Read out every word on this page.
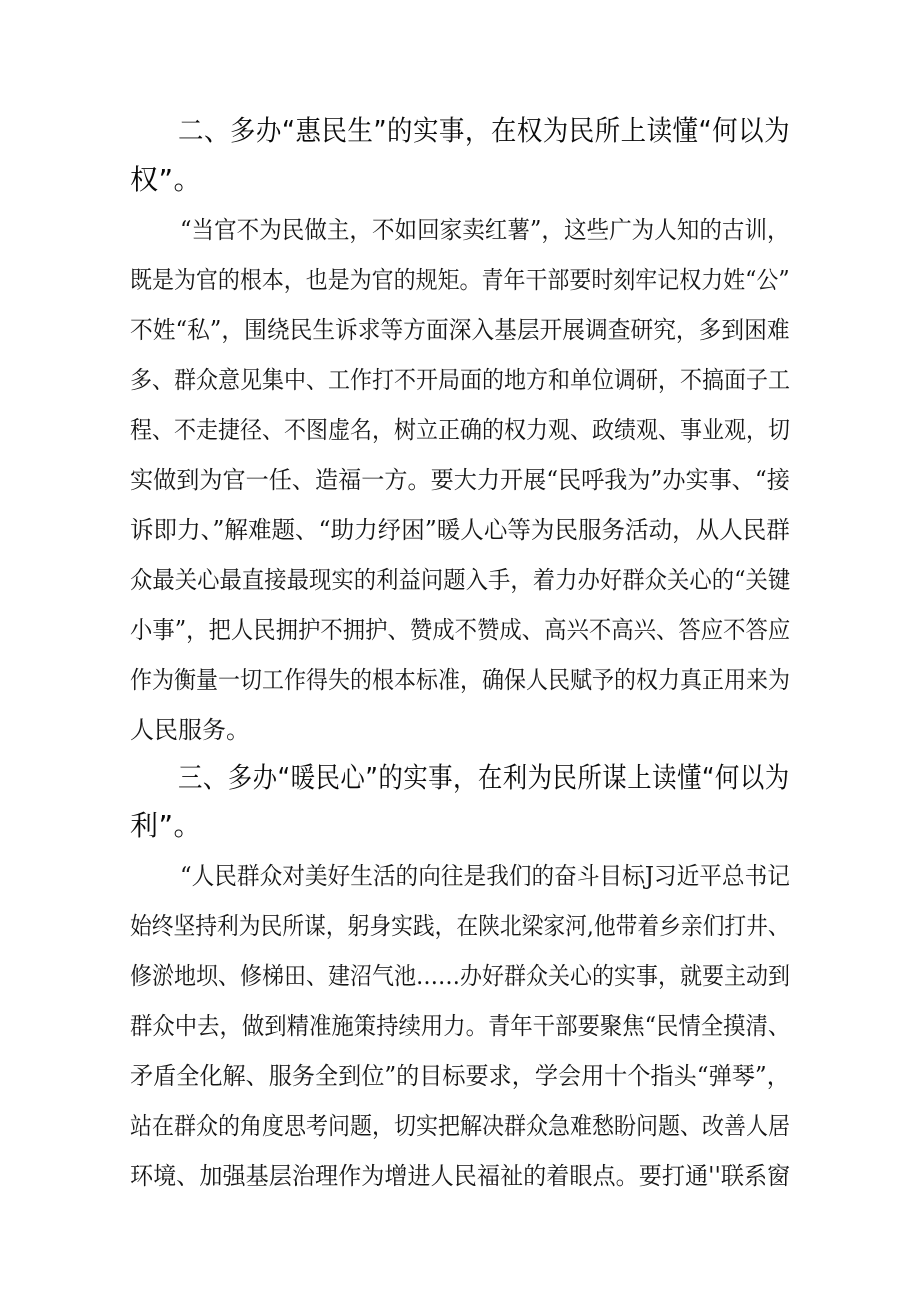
二、多办“惠民生”的实事，在权为民所上读懂“何以为
权”。
“当官不为民做主，不如回家卖红薯”，这些广为人知的古训，
既是为官的根本，也是为官的规矩。青年干部要时刻牢记权力姓“公”
不姓“私”，围绕民生诉求等方面深入基层开展调查研究，多到困难
多、群众意见集中、工作打不开局面的地方和单位调研，不搞面子工
程、不走捷径、不图虚名，树立正确的权力观、政绩观、事业观，切
实做到为官一任、造福一方。要大力开展“民呼我为”办实事、“接
诉即力、”解难题、“助力纾困”暖人心等为民服务活动，从人民群
众最关心最直接最现实的利益问题入手，着力办好群众关心的“关键
小事”，把人民拥护不拥护、赞成不赞成、高兴不高兴、答应不答应
作为衡量一切工作得失的根本标准，确保人民赋予的权力真正用来为
人民服务。
三、多办“暖民心”的实事，在利为民所谋上读懂“何以为
利”。
“人民群众对美好生活的向往是我们的奋斗目标J习近平总书记
始终坚持利为民所谋，躬身实践，在陕北梁家河,他带着乡亲们打井、
修淤地坝、修梯田、建沼气池……办好群众关心的实事，就要主动到
群众中去，做到精准施策持续用力。青年干部要聚焦“民情全摸清、
矛盾全化解、服务全到位”的目标要求，学会用十个指头“弹琴”，
站在群众的角度思考问题，切实把解决群众急难愁盼问题、改善人居
环境、加强基层治理作为增进人民福祉的着眼点。要打通''联系窗
